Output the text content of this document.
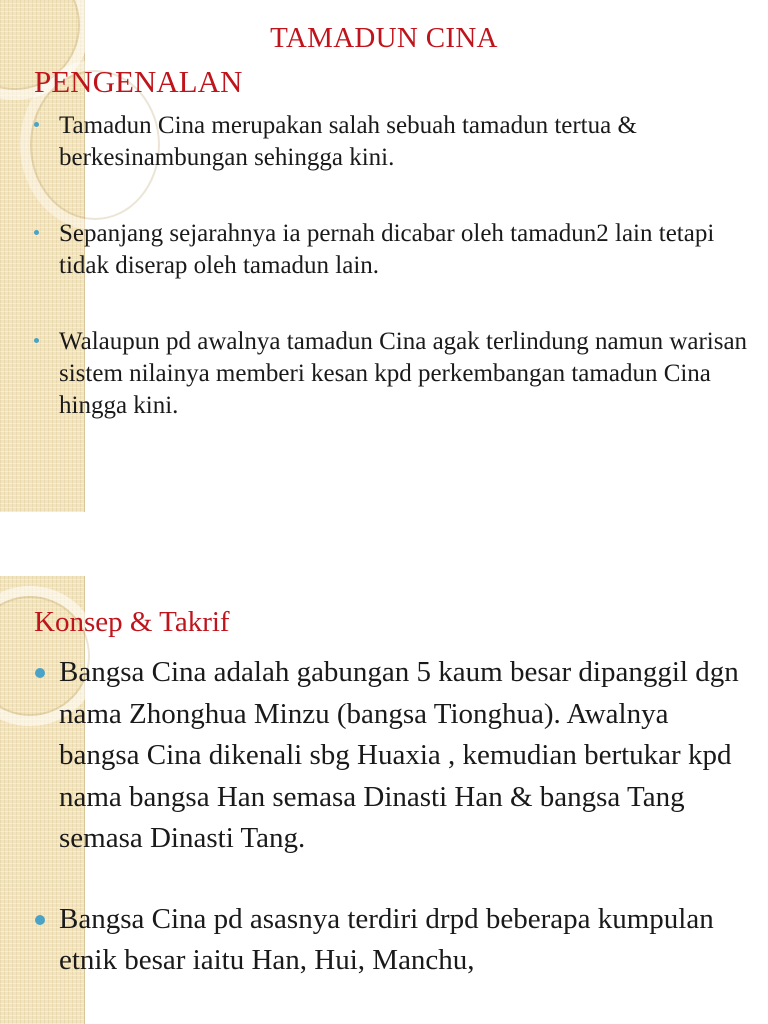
TAMADUN CINA
PENGENALAN
Tamadun Cina merupakan salah sebuah tamadun tertua & berkesinambungan sehingga kini.
Sepanjang sejarahnya ia pernah dicabar oleh tamadun2 lain tetapi tidak diserap oleh tamadun lain.
Walaupun pd awalnya tamadun Cina agak terlindung namun warisan sistem nilainya memberi kesan kpd perkembangan tamadun Cina hingga kini.
Konsep & Takrif
Bangsa Cina adalah gabungan 5 kaum besar dipanggil dgn nama Zhonghua Minzu (bangsa Tionghua). Awalnya bangsa Cina dikenali sbg Huaxia , kemudian bertukar kpd nama bangsa Han semasa Dinasti Han & bangsa Tang semasa Dinasti Tang.
Bangsa Cina pd asasnya terdiri drpd beberapa kumpulan etnik besar iaitu Han, Hui, Manchu,
